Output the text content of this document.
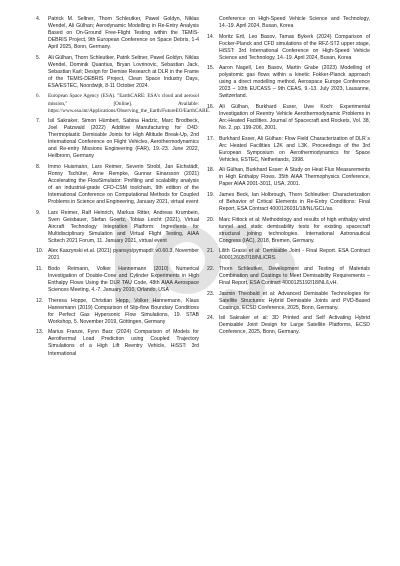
4. Patrick M. Seltner, Thorn Schleutker, Pawel Goldyn, Niklas Wendel, Ali Gülhan; Aerodynamic Modelling in Re-Entry Analysis Based on On-Ground Free-Flight Testing within the TEMIS-DEBRIS Project, 9th European Conference on Space Debris, 1-4 April 2025, Bonn, Germany.
5. Ali Gülhan, Thorn Schleutker, Patrik Seltner, Pawel Goldyn, Niklas Wendel, Dominik Quantius, Bryan Lovrinovic, Sebastian Jack, Sebastian Karl; Design for Demise Research at DLR in the Frame of the TEMIS-DEBRIS Project, Clean Space Industry Days, ESA/ESTEC, Noordwijk, 8-11 October 2024.
6. European Space Agency (ESA). "EarthCARE: ESA's cloud and aerosol mission," [Online]. Available: https://www.esa.int/Applications/Observing_the_Earth/FutureEO/EarthCARE.
7. Isil Sakraker, Simon Hümbert, Sabina Hadzic, Marc Brodbeck, Joel Patzwald (2022) Additive Manufacturing for D4D: Thermoplastic Demisable Joints for High Altitude Break-Up, 2nd International Conference on Flight Vehicles, Aerothermodynamics and Re-entry Missions Engineering (FAR), 19.-23. June 2022, Heilbronn, Germany
8. Immo Huismann, Lars Reimer, Severin Strobl, Jan Eichstädt, Ronny Tschüter, Arne Rempke, Gunnar Einarsson (2021) Accelerating the FlowSimulator: Profiling and scalability analysis of an industrial-grade CFD-CSM toolchain, 9th edition of the International Conference on Computational Methods for Coupled Problems in Science and Engineering, January 2021, virtual event
9. Lars Reimer, Ralf Heinrich, Markus Ritter, Andreas Krumbein, Sven Geisbauer, Stefan Goertz, Tobias Leicht (2021), Virtual Aircraft Technology Integration Platform: Ingredients for Multidisciplinary Simulation and Virtual Flight Testing, AIAA Scitech 2021 Forum, 11. January 2021, virtual event
10. Alex Kaszynski et.al. (2021) pyansys/pymapdl: v0.60.3, November 2021
11. Bodo Reimann, Volker Hannemann (2010) Numerical Investigation of Double-Cone and Cylinder Experiments in High Enthalpy Flows Using the DLR TAU Code, 48th AIAA Aerospace Sciences Meeting, 4.-7. January 2010, Orlando, USA
12. Theresa Hoppe, Christian Hepp, Volker Hannemann, Klaus Hannemann (2019) Comparison of Slip-flow Boundary Conditions for Perfect Gas Hypersonic Flow Simulations, 19. STAB Workshop, 5. November 2019, Göttingen, Germany
13. Marius Franze, Fynn Barz (2024) Comparison of Models for Aerothermal Load Prediction using Coupled Trajectory Simulations of a High Lift Reentry Vehicle, HiSST: 3rd International
Conference on High-Speed Vehicle Science and Technology, 14.-19. April 2024, Busan, Korea
14. Moritz Ertl, Leo Basov, Tamas Bykerk (2024) Comparison of Focker-Planck and CFD simulations of the RFZ-ST2 upper stage, HiSST: 3rd International Conference on High-Speed Vehicle Science and Technology, 14.-19. April 2024, Busan, Korea
15. Aaron Nagell, Leo Basov, Martin Grabe (2023) Modelling of polyatomic gas flows within a kinetic Fokker-Planck approach using a direct modelling method, Aerospace Europe Conference 2023 – 10th EUCASS – 9th CEAS, 9.-13. July 2023, Lausanne, Switzerland.
16. Ali Gülhan, Burkhard Esser, Uwe Koch: Experimental Investigation of Reentry Vehicle Aerothermodynamic Problems in Arc-Heated Facilities. Journal of Spacecraft and Rockets, Vol. 38, No. 2, pp. 199-206, 2001.
17. Burkhard Esser, Ali Gülhan: Flow Field Characterization of DLR´s Arc Heated Facilities L2K and L3K. Proceedings of the 3rd European Symposium on Aerothermodynamics for Space Vehicles, ESTEC, Netherlands, 1998.
18. Ali Gülhan, Burkhard Esser: A Study on Heat Flux Measurements in High Enthalpy Flows. 35th AIAA Thermophysics Conference, Paper AIAA 2001-3011, USA, 2001.
19. James Beck, Ian Holbrough, Thorn Schleutker: Characterization of Behavior of Critical Elements in Re-Entry Conditions: Final Report, ESA Contract 4000126031/18/NL/GCL/as.
20. Marc Fittock et al: Methodology and results of high enthalpy wind tunnel and static demisability tests for existing spacecraft structural joining technologies. International Astronautical Congress (IAC), 2018, Bremen, Germany.
21. Lilith Grassi et al: Demisable Joint - Final Report. ESA Contract 4000126057/18/NL/CRS.
22. Thorn Schleutker, Development and Testing of Materials Combination and Coatings to Meet Demisability Requirements – Final Report, ESA Contract 4000125192/18/NL/LvH.
23. Jasmin Theobald et al: Advanced Demisable Technologies for Satellite Structures: Hybrid Demisable Joints and PVD-Based Coatings, ECSD Conference, 2025, Bonn, Germany.
24. Isil Sakraker et al: 3D Printed and Self Activating Hybrid Demisable Joint Design for Large Satellite Platforms, ECSD Conference, 2025, Bonn, Germany.
